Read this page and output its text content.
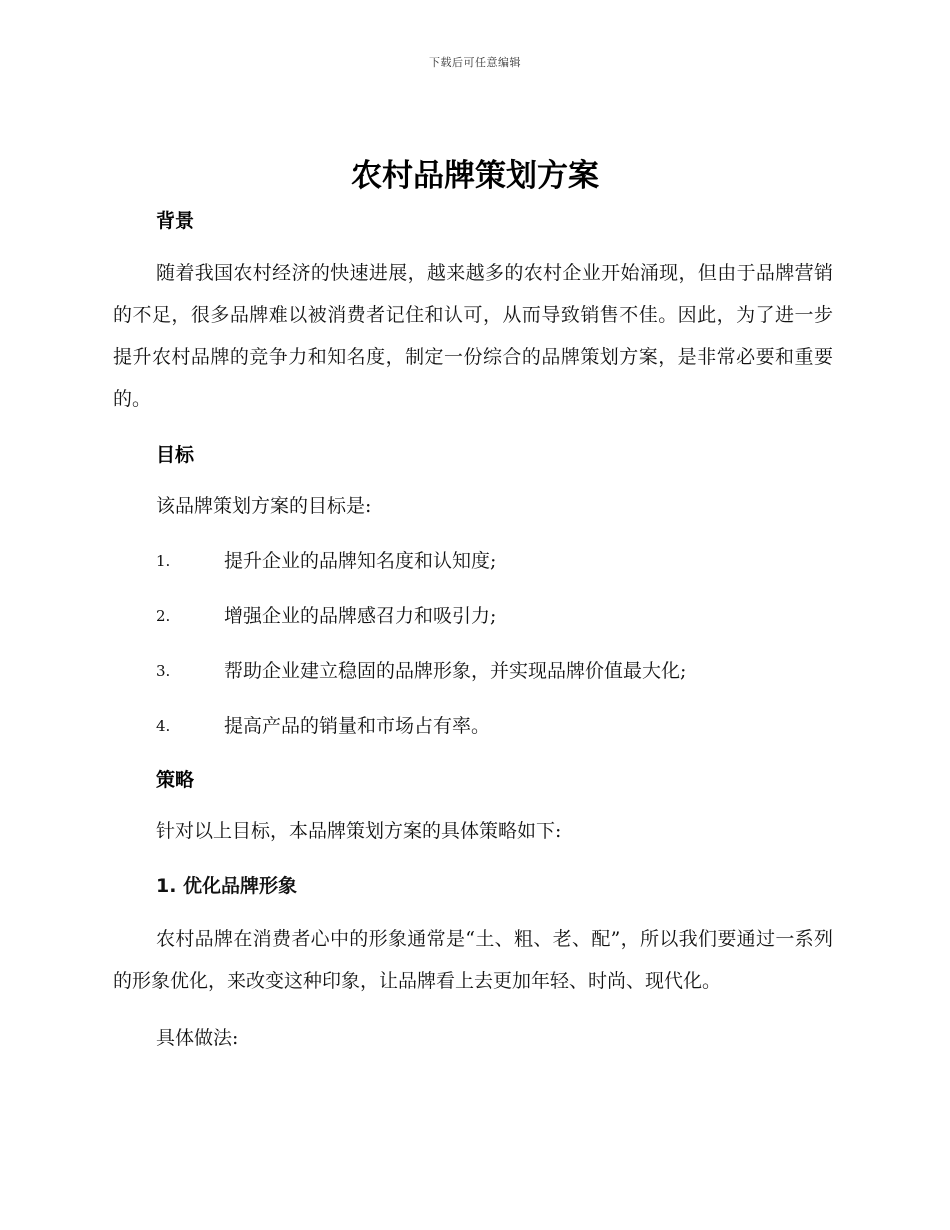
下载后可任意编辑
农村品牌策划方案
背景

随着我国农村经济的快速进展，越来越多的农村企业开始涌现，但由于品牌营销的不足，很多品牌难以被消费者记住和认可，从而导致销售不佳。因此，为了进一步提升农村品牌的竞争力和知名度，制定一份综合的品牌策划方案，是非常必要和重要的。

目标
该品牌策划方案的目标是:
1.	提升企业的品牌知名度和认知度;
2.	增强企业的品牌感召力和吸引力;
3.	帮助企业建立稳固的品牌形象，并实现品牌价值最大化;
4.	提高产品的销量和市场占有率。
策略
针对以上目标，本品牌策划方案的具体策略如下:
1. 优化品牌形象

农村品牌在消费者心中的形象通常是“土、粗、老、配”，所以我们要通过一系列的形象优化，来改变这种印象，让品牌看上去更加年轻、时尚、现代化。

具体做法:
